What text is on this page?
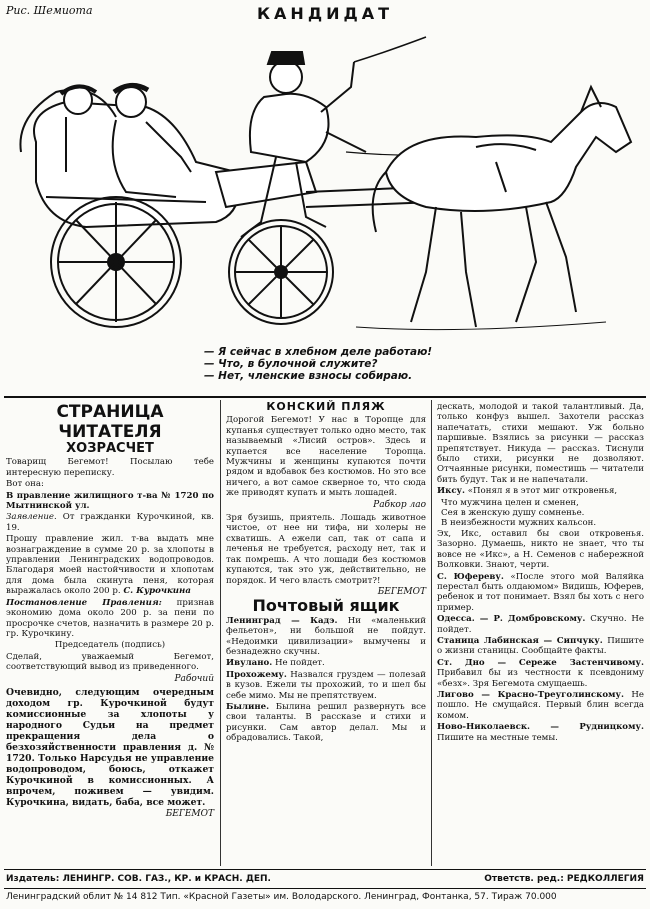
Рис. Шемиота	КАНДИДАТ
— Я сейчас в хлебном деле работаю!
— Что, в булочной служите?
— Нет, членские взносы собираю.
СТРАНИЦА ЧИТАТЕЛЯ
ХОЗРАСЧЕТ

Товарищ Бегемот! Посылаю тебе интересную переписку.

Вот она:

В правление жилищного т-ва № 1720 по Мытнинской ул.

Заявление. От гражданки Курочкиной, кв. 19.

Прошу правление жил. т-ва выдать мне вознаграждение в сумме 20 р. за хлопоты в управлении Ленинградских водопроводов. Благодаря моей настойчивости и хлопотам для дома была скинута пеня, которая выражалась около 200 р. С. Курочкина

Постановление Правления: признав экономию дома около 200 р. за пени по просрочке счетов, назначить в размере 20 р. гр. Курочкину.

Председатель (подпись)

Сделай, уважаемый Бегемот, соответствующий вывод из приведенного.

Рабочий

Очевидно, следующим очередным доходом гр. Курочкиной будут комиссионные за хлопоты у народного Судьи на предмет прекращения дела о безхозяйственности правления д. № 1720. Только Нарсудья не управление водопроводом, боюсь, откажет Курочкиной в комиссионных. А впрочем, поживем — увидим. Курочкина, видать, баба, все может.

БЕГЕМОТ
КОНСКИЙ ПЛЯЖ

Дорогой Бегемот! У нас в Торопце для купанья существует только одно место, так называемый «Лисий остров». Здесь и купается все население Торопца. Мужчины и женщины купаются почти рядом и вдобавок без костюмов. Но это все ничего, а вот самое скверное то, что сюда же приводят купать и мыть лошадей.

Рабкор лао

Зря бузишь, приятель. Лошадь животное чистое, от нее ни тифа, ни холеры не схватишь. А ежели сап, так от сапа и леченья не требуется, расходу нет, так и так помрешь. А что лошади без костюмов купаются, так это уж, действительно, не порядок. И чего власть смотрит?!

БЕГЕМОТ
Почтовый ящик

Ленинград — Кадэ. Ни «маленький фельетон», ни большой не пойдут. «Недоимки цивилизации» вымучены и безнадежно скучны.

Ивулано. Не пойдет.

Прохожему. Назвался груздем — полезай в кузов. Ежели ты прохожий, то и шел бы себе мимо. Мы не препятствуем.

Былине. Былина решил развернуть все свои таланты. В рассказе и стихи и рисунки. Сам автор делал. Мы и обрадовались. Такой,

дескать, молодой и такой талантливый. Да, только конфуз вышел. Захотели рассказ напечатать, стихи мешают. Уж больно паршивые. Взялись за рисунки — рассказ препятствует. Никуда — рассказ. Тиснули было стихи, рисунки не дозволяют. Отчаянные рисунки, поместишь — читатели бить будут. Так и не напечатали.

Иксу. «Понял я в этот миг откровенья,

Что мужчина целен и сменен,
Сея в женскую душу сомненье.
В неизбежности мужних кальсон.

Эх, Икс, оставил бы свои откровенья. Зазорно. Думаешь, никто не знает, что ты вовсе не «Икс», а Н. Семенов с набережной Волковки. Знают, черти.

С. Юфереву. «После этого мой Валяйка перестал быть олдаюмом» Видишь, Юферев, ребенок и тот понимает. Взял бы хоть с него пример.

Одесса. — Р. Домбровскому. Скучно. Не пойдет.

Станица Лабинская — Сипчуку. Пишите о жизни станицы. Сообщайте факты.

Ст. Дно — Сереже Застенчивому. Прибавил бы из честности к псевдониму «безх». Зря Бегемота смущаешь.

Лигово — Красно-Треуголинскому. Не пошло. Не смущайся. Первый блин всегда комом.

Ново-Николаевск. — Рудницкому. Пишите на местные темы.

Издатель: ЛЕНИНГР. СОВ. ГАЗ., КР. и КРАСН. ДЕП.	Ответств. ред.: РЕДКОЛЛЕГИЯ
Ленинградский облит № 14 812 Тип. «Красной Газеты» им. Володарского. Ленинград, Фонтанка, 57. Тираж 70.000
